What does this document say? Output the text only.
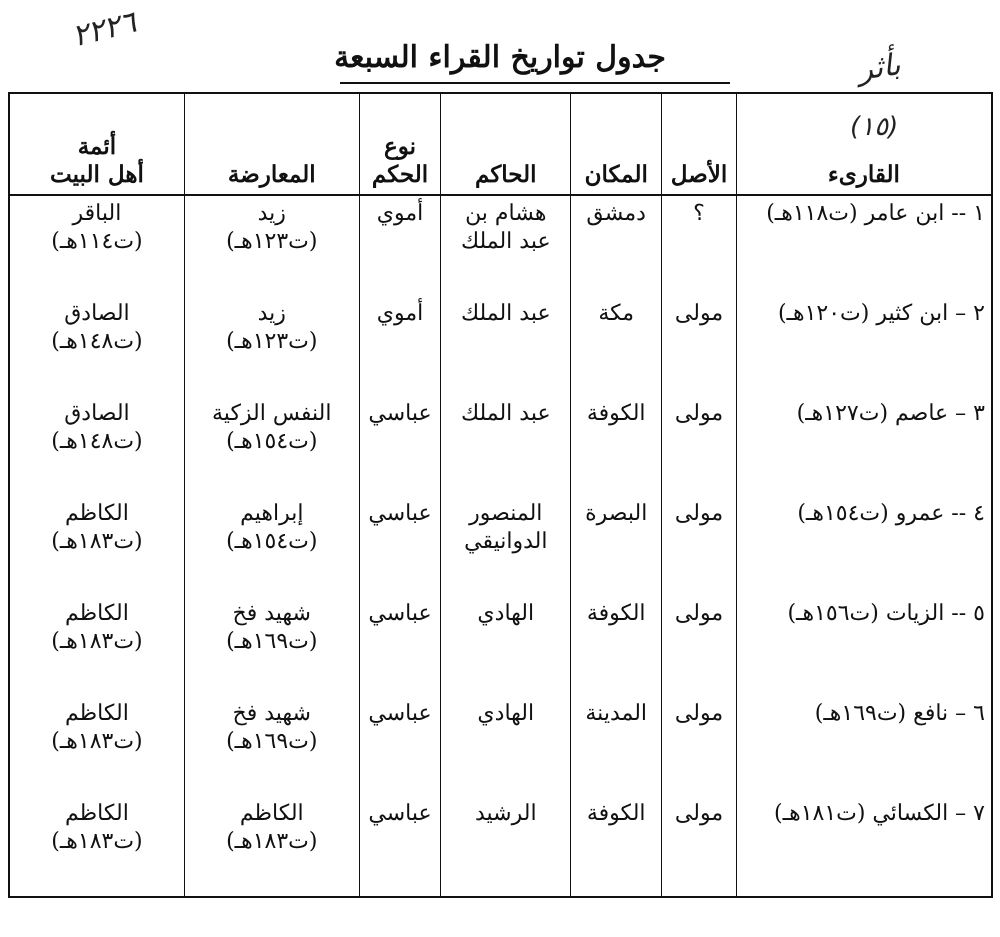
٢٢٢٦
بأثر
جدول تواريخ القراء السبعة
القارىء	الأصل	المكان	الحاكم	نوع
الحكم	المعارضة	أئمة
أهل البيت

١ -- ابن عامر (ت١١٨هـ)	؟	دمشق	هشام بن
عبد الملك	أموي	زيد
(ت١٢٣هـ)	الباقر
(ت١١٤هـ)

٢ – ابن كثير (ت١٢٠هـ)	مولى	مكة	عبد الملك	أموي	زيد
(ت١٢٣هـ)	الصادق
(ت١٤٨هـ)

٣ – عاصم (ت١٢٧هـ)	مولى	الكوفة	عبد الملك	عباسي	النفس الزكية
(ت١٥٤هـ)	الصادق
(ت١٤٨هـ)

٤ -- عمرو (ت١٥٤هـ)	مولى	البصرة	المنصور
الدوانيقي	عباسي	إبراهيم
(ت١٥٤هـ)	الكاظم
(ت١٨٣هـ)

٥ -- الزيات (ت١٥٦هـ)	مولى	الكوفة	الهادي	عباسي	شهيد فخ
(ت١٦٩هـ)	الكاظم
(ت١٨٣هـ)

٦ – نافع (ت١٦٩هـ)	مولى	المدينة	الهادي	عباسي	شهيد فخ
(ت١٦٩هـ)	الكاظم
(ت١٨٣هـ)

٧ – الكسائي (ت١٨١هـ)	مولى	الكوفة	الرشيد	عباسي	الكاظم
(ت١٨٣هـ)	الكاظم
(ت١٨٣هـ)
(١٥)
